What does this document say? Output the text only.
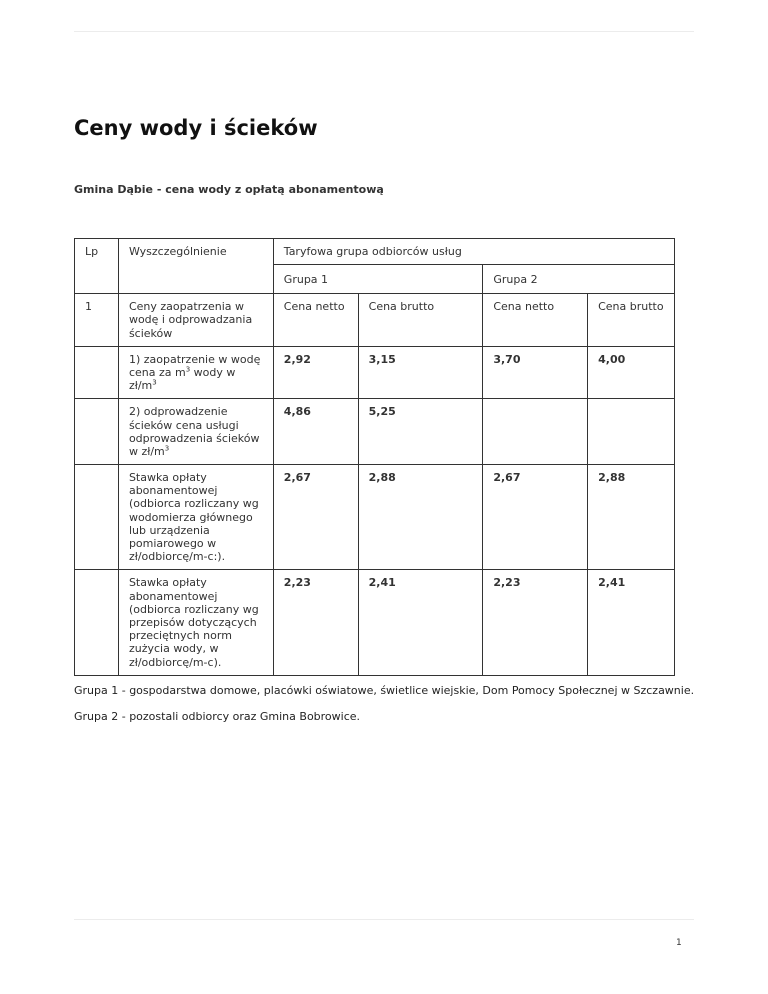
Ceny wody i ścieków

Gmina Dąbie - cena wody z opłatą abonamentową

Lp	Wyszczególnienie	Taryfowa grupa odbiorców usług			
		Grupa 1		Grupa 2	
1	Ceny zaopatrzenia w wodę i odprowadzania ścieków	Cena netto	Cena brutto	Cena netto	Cena brutto
	1) zaopatrzenie w wodę cena za $m^3$ wody w $zł/m^3$	2,92	3,15	3,70	4,00
	2) odprowadzenie ścieków cena usługi odprowadzenia ścieków w $zł/m^3$	4,86	5,25		
	Stawka opłaty abonamentowej (odbiorca rozliczany wg wodomierza głównego lub urządzenia pomiarowego w zł/odbiorcę/m-c:).	2,67	2,88	2,67	2,88
	Stawka opłaty abonamentowej (odbiorca rozliczany wg przepisów dotyczących przeciętnych norm zużycia wody, w zł/odbiorcę/m-c).	2,23	2,41	2,23	2,41

Grupa 1 - gospodarstwa domowe, placówki oświatowe, świetlice wiejskie, Dom Pomocy Społecznej w Szczawnie.

Grupa 2 - pozostali odbiorcy oraz Gmina Bobrowice.

1
